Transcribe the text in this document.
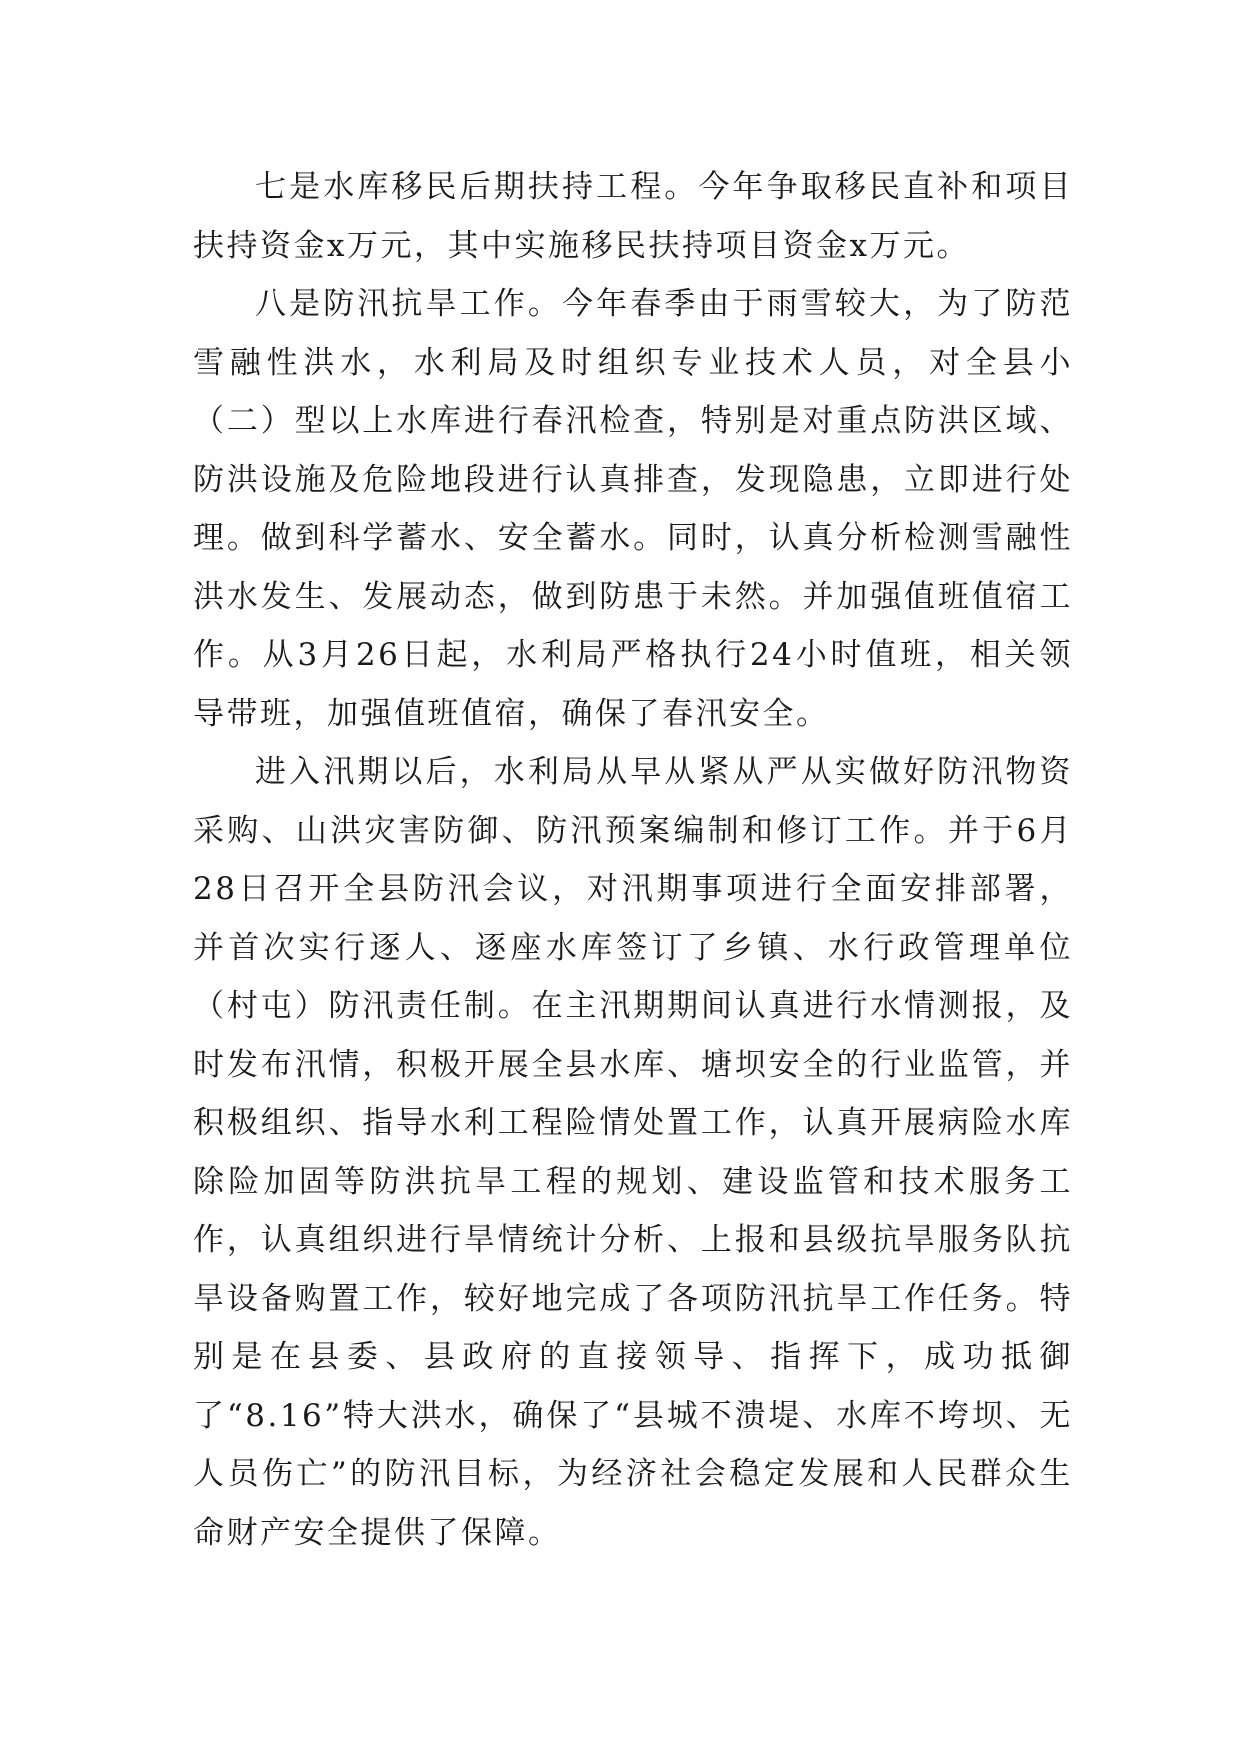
七是水库移民后期扶持工程。今年争取移民直补和项目扶持资金x万元，其中实施移民扶持项目资金x万元。

八是防汛抗旱工作。今年春季由于雨雪较大，为了防范雪融性洪水，水利局及时组织专业技术人员，对全县小（二）型以上水库进行春汛检查，特别是对重点防洪区域、防洪设施及危险地段进行认真排查，发现隐患，立即进行处理。做到科学蓄水、安全蓄水。同时，认真分析检测雪融性洪水发生、发展动态，做到防患于未然。并加强值班值宿工作。从3月26日起，水利局严格执行24小时值班，相关领导带班，加强值班值宿，确保了春汛安全。

进入汛期以后，水利局从早从紧从严从实做好防汛物资采购、山洪灾害防御、防汛预案编制和修订工作。并于6月28日召开全县防汛会议，对汛期事项进行全面安排部署，并首次实行逐人、逐座水库签订了乡镇、水行政管理单位（村屯）防汛责任制。在主汛期期间认真进行水情测报，及时发布汛情，积极开展全县水库、塘坝安全的行业监管，并积极组织、指导水利工程险情处置工作，认真开展病险水库除险加固等防洪抗旱工程的规划、建设监管和技术服务工作，认真组织进行旱情统计分析、上报和县级抗旱服务队抗旱设备购置工作，较好地完成了各项防汛抗旱工作任务。特别是在县委、县政府的直接领导、指挥下，成功抵御了“8.16”特大洪水，确保了“县城不溃堤、水库不垮坝、无人员伤亡”的防汛目标，为经济社会稳定发展和人民群众生命财产安全提供了保障。
